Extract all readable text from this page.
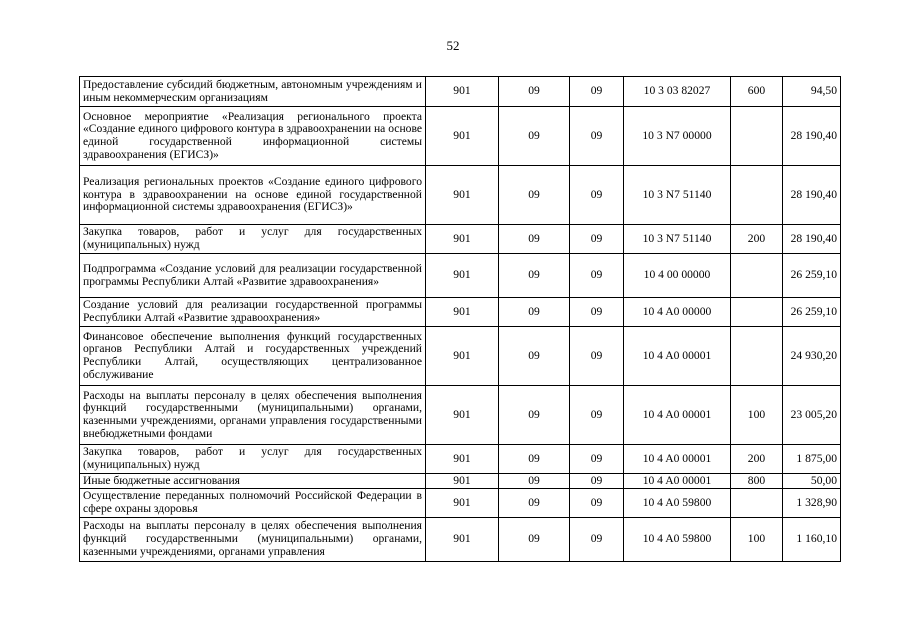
52
Предоставление субсидий бюджетным, автономным учреждениям и иным некоммерческим организациям	901	09	09	10 3 03 82027	600	94,50
Основное мероприятие «Реализация регионального проекта «Создание единого цифрового контура в здравоохранении на основе единой государственной информационной системы здравоохранения (ЕГИСЗ)»	901	09	09	10 3 N7 00000		28 190,40
Реализация региональных проектов «Создание единого цифрового контура в здравоохранении на основе единой государственной информационной системы здравоохранения (ЕГИСЗ)»	901	09	09	10 3 N7 51140		28 190,40
Закупка товаров, работ и услуг для государственных (муниципальных) нужд	901	09	09	10 3 N7 51140	200	28 190,40
Подпрограмма «Создание условий для реализации государственной программы Республики Алтай «Развитие здравоохранения»	901	09	09	10 4 00 00000		26 259,10
Создание условий для реализации государственной программы Республики Алтай «Развитие здравоохранения»	901	09	09	10 4 A0 00000		26 259,10
Финансовое обеспечение выполнения функций государственных органов Республики Алтай и государственных учреждений Республики Алтай, осуществляющих централизованное обслуживание	901	09	09	10 4 A0 00001		24 930,20
Расходы на выплаты персоналу в целях обеспечения выполнения функций государственными (муниципальными) органами, казенными учреждениями, органами управления государственными внебюджетными фондами	901	09	09	10 4 A0 00001	100	23 005,20
Закупка товаров, работ и услуг для государственных (муниципальных) нужд	901	09	09	10 4 A0 00001	200	1 875,00
Иные бюджетные ассигнования	901	09	09	10 4 A0 00001	800	50,00
Осуществление переданных полномочий Российской Федерации в сфере охраны здоровья	901	09	09	10 4 A0 59800		1 328,90
Расходы на выплаты персоналу в целях обеспечения выполнения функций государственными (муниципальными) органами, казенными учреждениями, органами управления	901	09	09	10 4 A0 59800	100	1 160,10
